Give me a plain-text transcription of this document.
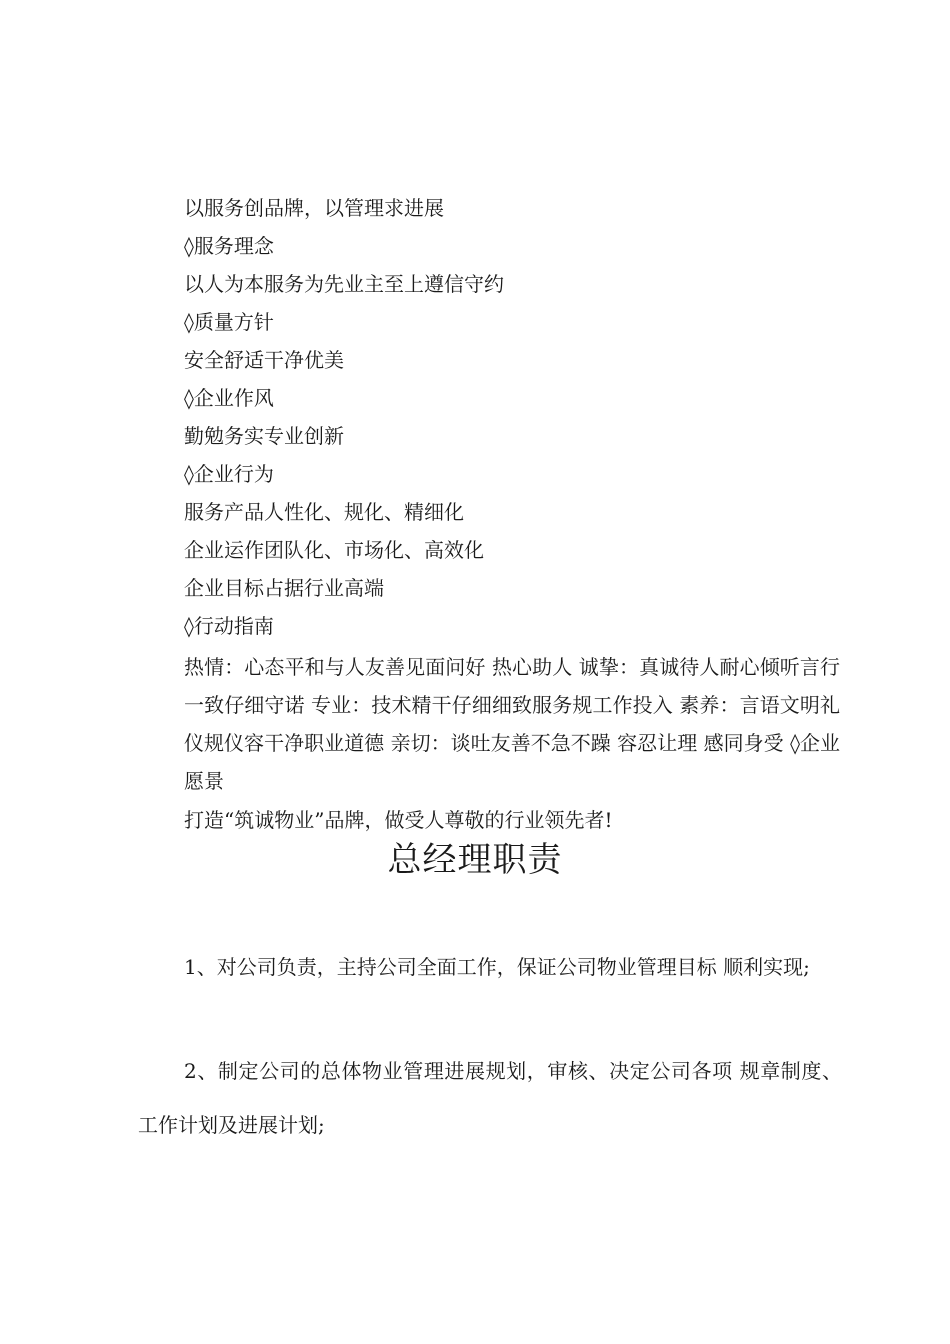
以服务创品牌，以管理求进展
◊服务理念
以人为本服务为先业主至上遵信守约
◊质量方针
安全舒适干净优美
◊企业作风
勤勉务实专业创新
◊企业行为
服务产品人性化、规化、精细化
企业运作团队化、市场化、高效化
企业目标占据行业高端
◊行动指南
热情：心态平和与人友善见面问好 热心助人 诚挚：真诚待人耐心倾听言行一致仔细守诺 专业：技术精干仔细细致服务规工作投入 素养：言语文明礼仪规仪容干净职业道德 亲切：谈吐友善不急不躁 容忍让理 感同身受 ◊企业愿景
打造“筑诚物业”品牌，做受人尊敬的行业领先者!
总经理职责
1、对公司负责，主持公司全面工作，保证公司物业管理目标 顺利实现;
2、制定公司的总体物业管理进展规划，审核、决定公司各项 规章制度、工作计划及进展计划;
